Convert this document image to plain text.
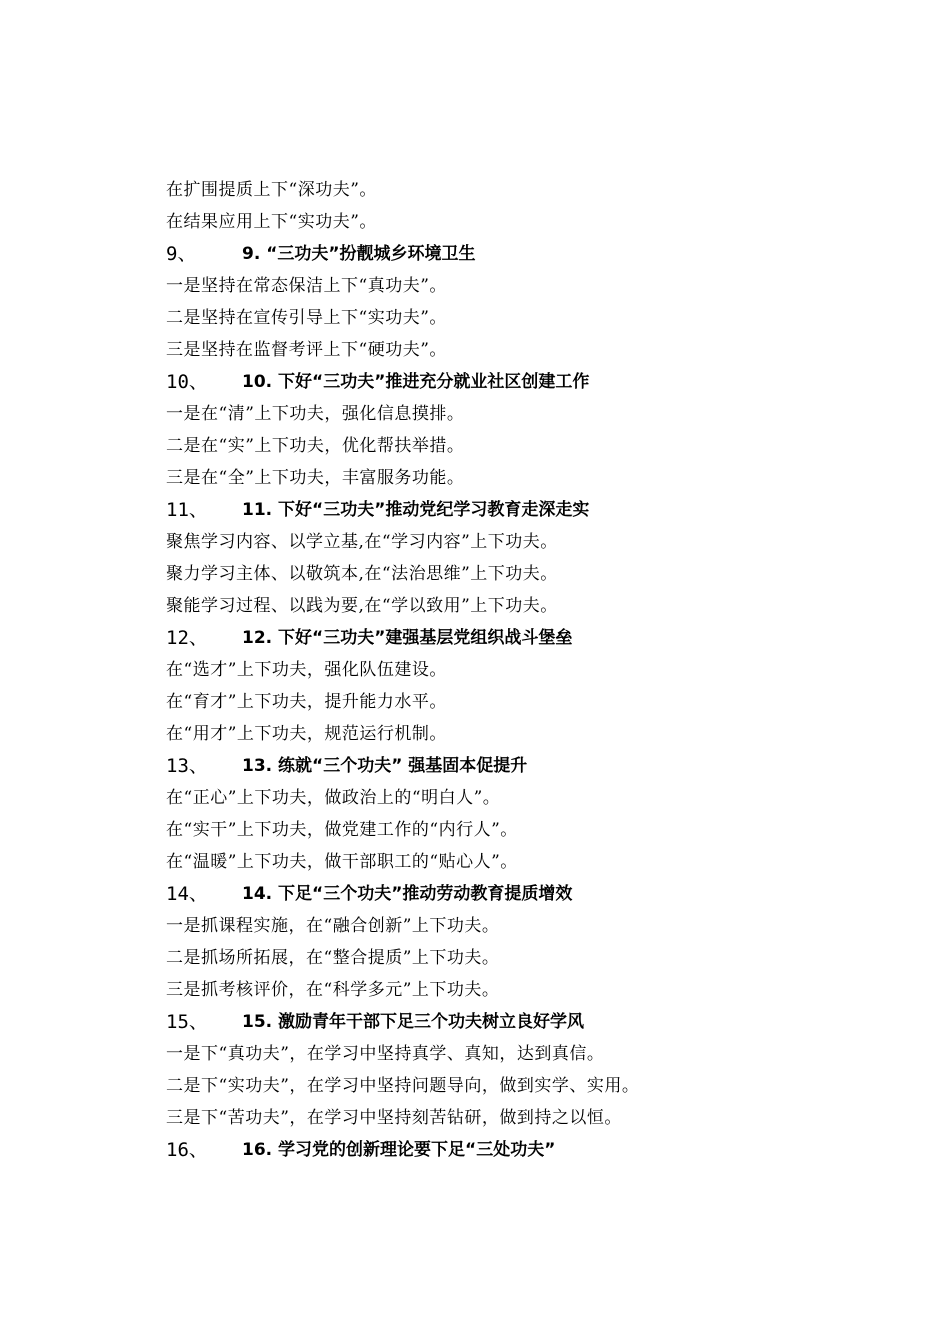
在扩围提质上下“深功夫”。
在结果应用上下“实功夫”。
9、	9. “三功夫”扮靓城乡环境卫生
一是坚持在常态保洁上下“真功夫”。
二是坚持在宣传引导上下“实功夫”。
三是坚持在监督考评上下“硬功夫”。
10、	10. 下好“三功夫”推进充分就业社区创建工作
一是在“清”上下功夫，强化信息摸排。
二是在“实”上下功夫，优化帮扶举措。
三是在“全”上下功夫，丰富服务功能。
11、	11. 下好“三功夫”推动党纪学习教育走深走实
聚焦学习内容、以学立基,在“学习内容”上下功夫。
聚力学习主体、以敬筑本,在“法治思维”上下功夫。
聚能学习过程、以践为要,在“学以致用”上下功夫。
12、	12. 下好“三功夫”建强基层党组织战斗堡垒
在“选才”上下功夫，强化队伍建设。
在“育才”上下功夫，提升能力水平。
在“用才”上下功夫，规范运行机制。
13、	13. 练就“三个功夫” 强基固本促提升
在“正心”上下功夫，做政治上的“明白人”。
在“实干”上下功夫，做党建工作的“内行人”。
在“温暖”上下功夫，做干部职工的“贴心人”。
14、	14. 下足“三个功夫”推动劳动教育提质增效
一是抓课程实施，在“融合创新”上下功夫。
二是抓场所拓展，在“整合提质”上下功夫。
三是抓考核评价，在“科学多元”上下功夫。
15、	15. 激励青年干部下足三个功夫树立良好学风
一是下“真功夫”，在学习中坚持真学、真知，达到真信。
二是下“实功夫”，在学习中坚持问题导向，做到实学、实用。
三是下“苦功夫”，在学习中坚持刻苦钻研，做到持之以恒。
16、	16. 学习党的创新理论要下足“三处功夫”
